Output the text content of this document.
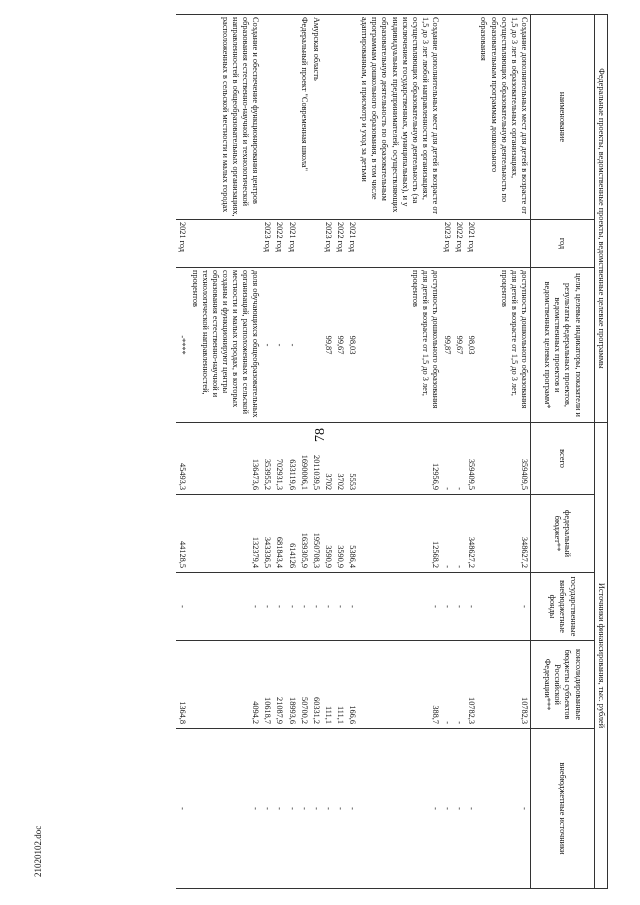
78
21020102.doc
Федеральные проекты, ведомственные проекты, ведомственные целевые программы			Источники финансирования, тыс. рублей				
наименование	год	цели, целевые индикаторы, показатели и результаты федеральных проектов, ведомственных проектов и ведомственных целевых программ*	всего	федеральный бюджет**	государственные внебюджетные фонды	консолидированные бюджеты субъектов Российской Федерации***	внебюджетные источники
Создание дополнительных мест для детей в возрасте от 1,5 до 3 лет в образовательных организациях, осуществляющих образовательную деятельность по образовательным программам дошкольного образования		доступность дошкольного образования для детей в возрасте от 1,5 до 3 лет, процентов	359409,5	348627,2	-	10782,3	-
	2021 год	98,03	359409,5	348627,2	-	10782,3	-
	2022 год	99,67	-	-	-	-	-
	2023 год	99,87	-	-	-	-	-
Создание дополнительных мест для детей в возрасте от 1,5 до 3 лет любой направленности в организациях, осуществляющих образовательную деятельность (за исключением государственных, муниципальных), и у индивидуальных предпринимателей, осуществляющих образовательную деятельность по образовательным программам дошкольного образования, в том числе адаптированным, и присмотр и уход за детьми		доступность дошкольного образования для детей в возрасте от 1,5 до 3 лет, процентов	12956,9	12568,2	-	388,7	-
	2021 год	98,03	5553	5386,4	-	166,6	-
	2022 год	99,67	3702	3590,9	-	111,1	-
	2023 год	99,87	3702	3590,9	-	111,1	-
Амурская область			2011039,5	1950708,3	-	60331,2	-
Федеральный проект "Современная школа"			1690006,1	1639305,9	-	50700,2	-
	2021 год	-	633119,6	614126	-	18993,6	-
	2022 год	-	702931,3	681843,4	-	21087,9	-
	2023 год	-	353955,2	343336,5	-	10618,7	-
Создание и обеспечение функционирования центров образования естественно-научной и технологической направленностей в общеобразовательных организациях, расположенных в сельской местности и малых городах		доля обучающихся общеобразовательных организаций, расположенных в сельской местности и малых городах, в которых созданы и функционируют центры образования естественно-научной и технологической направленностей, процентов	136473,6	132379,4	-	4094,2	-
	2021 год	-****	45493,3	44128,5	-	1364,8	-
